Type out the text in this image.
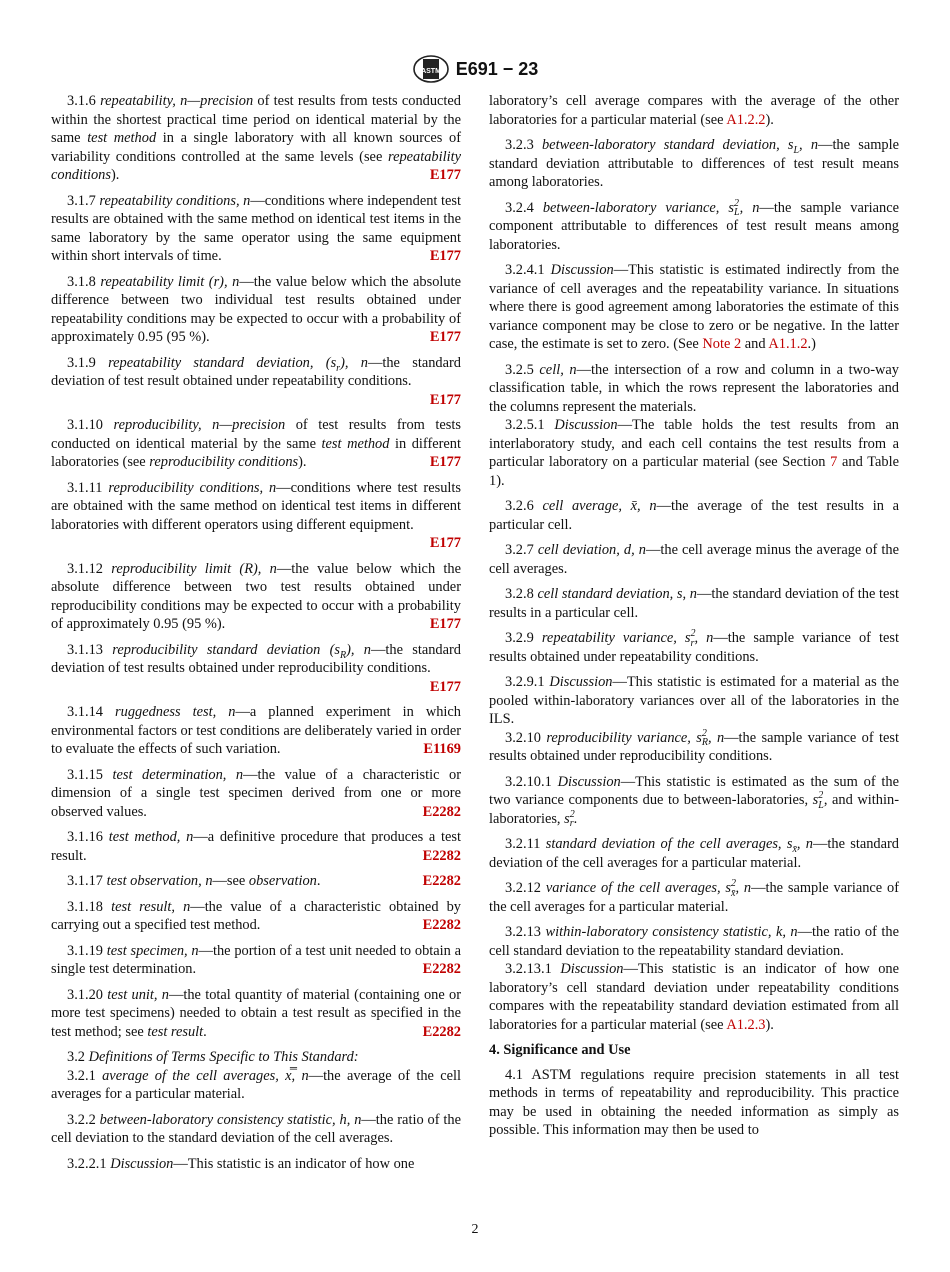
ASTM E691 − 23

3.1.6 repeatability, n—precision of test results from tests conducted within the shortest practical time period on identical material by the same test method in a single laboratory with all known sources of variability conditions controlled at the same levels (see repeatability conditions).	E177

3.1.7 repeatability conditions, n—conditions where independent test results are obtained with the same method on identical test items in the same laboratory by the same operator using the same equipment within short intervals of time.	E177

3.1.8 repeatability limit (r), n—the value below which the absolute difference between two individual test results obtained under repeatability conditions may be expected to occur with a probability of approximately 0.95 (95 %).	E177

3.1.9 repeatability standard deviation, $(s_r)$, n—the standard deviation of test result obtained under repeatability conditions.
E177

3.1.10 reproducibility, n—precision of test results from tests conducted on identical material by the same test method in different laboratories (see reproducibility conditions).	E177

3.1.11 reproducibility conditions, n—conditions where test results are obtained with the same method on identical test items in different laboratories with different operators using different equipment.
E177

3.1.12 reproducibility limit (R), n—the value below which the absolute difference between two test results obtained under reproducibility conditions may be expected to occur with a probability of approximately 0.95 (95 %).	E177

3.1.13 reproducibility standard deviation $(s_R)$, n—the standard deviation of test results obtained under reproducibility conditions.
E177

3.1.14 ruggedness test, n—a planned experiment in which environmental factors or test conditions are deliberately varied in order to evaluate the effects of such variation.	E1169

3.1.15 test determination, n—the value of a characteristic or dimension of a single test specimen derived from one or more observed values.	E2282

3.1.16 test method, n—a definitive procedure that produces a test result.	E2282

3.1.17 test observation, n—see observation.	E2282

3.1.18 test result, n—the value of a characteristic obtained by carrying out a specified test method.	E2282

3.1.19 test specimen, n—the portion of a test unit needed to obtain a single test determination.	E2282

3.1.20 test unit, n—the total quantity of material (containing one or more test specimens) needed to obtain a test result as specified in the test method; see test result.	E2282

3.2 Definitions of Terms Specific to This Standard:

3.2.1 average of the cell averages, x̿, n—the average of the cell averages for a particular material.

3.2.2 between-laboratory consistency statistic, h, n—the ratio of the cell deviation to the standard deviation of the cell averages.

3.2.2.1 Discussion—This statistic is an indicator of how one

laboratory’s cell average compares with the average of the other laboratories for a particular material (see A1.2.2).

3.2.3 between-laboratory standard deviation, $s_L$, n—the sample standard deviation attributable to differences of test result means among laboratories.

3.2.4 between-laboratory variance, $s^2_L$, n—the sample variance component attributable to differences of test result means among laboratories.

3.2.4.1 Discussion—This statistic is estimated indirectly from the variance of cell averages and the repeatability variance. In situations where there is good agreement among laboratories the estimate of this variance component may be close to zero or be negative. In the latter case, the estimate is set to zero. (See Note 2 and A1.1.2.)

3.2.5 cell, n—the intersection of a row and column in a two-way classification table, in which the rows represent the laboratories and the columns represent the materials.

3.2.5.1 Discussion—The table holds the test results from an interlaboratory study, and each cell contains the test results from a particular laboratory on a particular material (see Section 7 and Table 1).

3.2.6 cell average, x̄, n—the average of the test results in a particular cell.

3.2.7 cell deviation, d, n—the cell average minus the average of the cell averages.

3.2.8 cell standard deviation, s, n—the standard deviation of the test results in a particular cell.

3.2.9 repeatability variance, $s^2_r$, n—the sample variance of test results obtained under repeatability conditions.

3.2.9.1 Discussion—This statistic is estimated for a material as the pooled within-laboratory variances over all of the laboratories in the ILS.

3.2.10 reproducibility variance, $s^2_R$, n—the sample variance of test results obtained under reproducibility conditions.

3.2.10.1 Discussion—This statistic is estimated as the sum of the two variance components due to between-laboratories, $s^2_L$, and within-laboratories, $s^2_r$.

3.2.11 standard deviation of the cell averages, $s_{x̄}$, n—the standard deviation of the cell averages for a particular material.

3.2.12 variance of the cell averages, $s^2_{x̄}$, n—the sample variance of the cell averages for a particular material.

3.2.13 within-laboratory consistency statistic, k, n—the ratio of the cell standard deviation to the repeatability standard deviation.

3.2.13.1 Discussion—This statistic is an indicator of how one laboratory’s cell standard deviation under repeatability conditions compares with the repeatability standard deviation estimated from all laboratories for a particular material (see A1.2.3).

4. Significance and Use

4.1 ASTM regulations require precision statements in all test methods in terms of repeatability and reproducibility. This practice may be used in obtaining the needed information as simply as possible. This information may then be used to

2
